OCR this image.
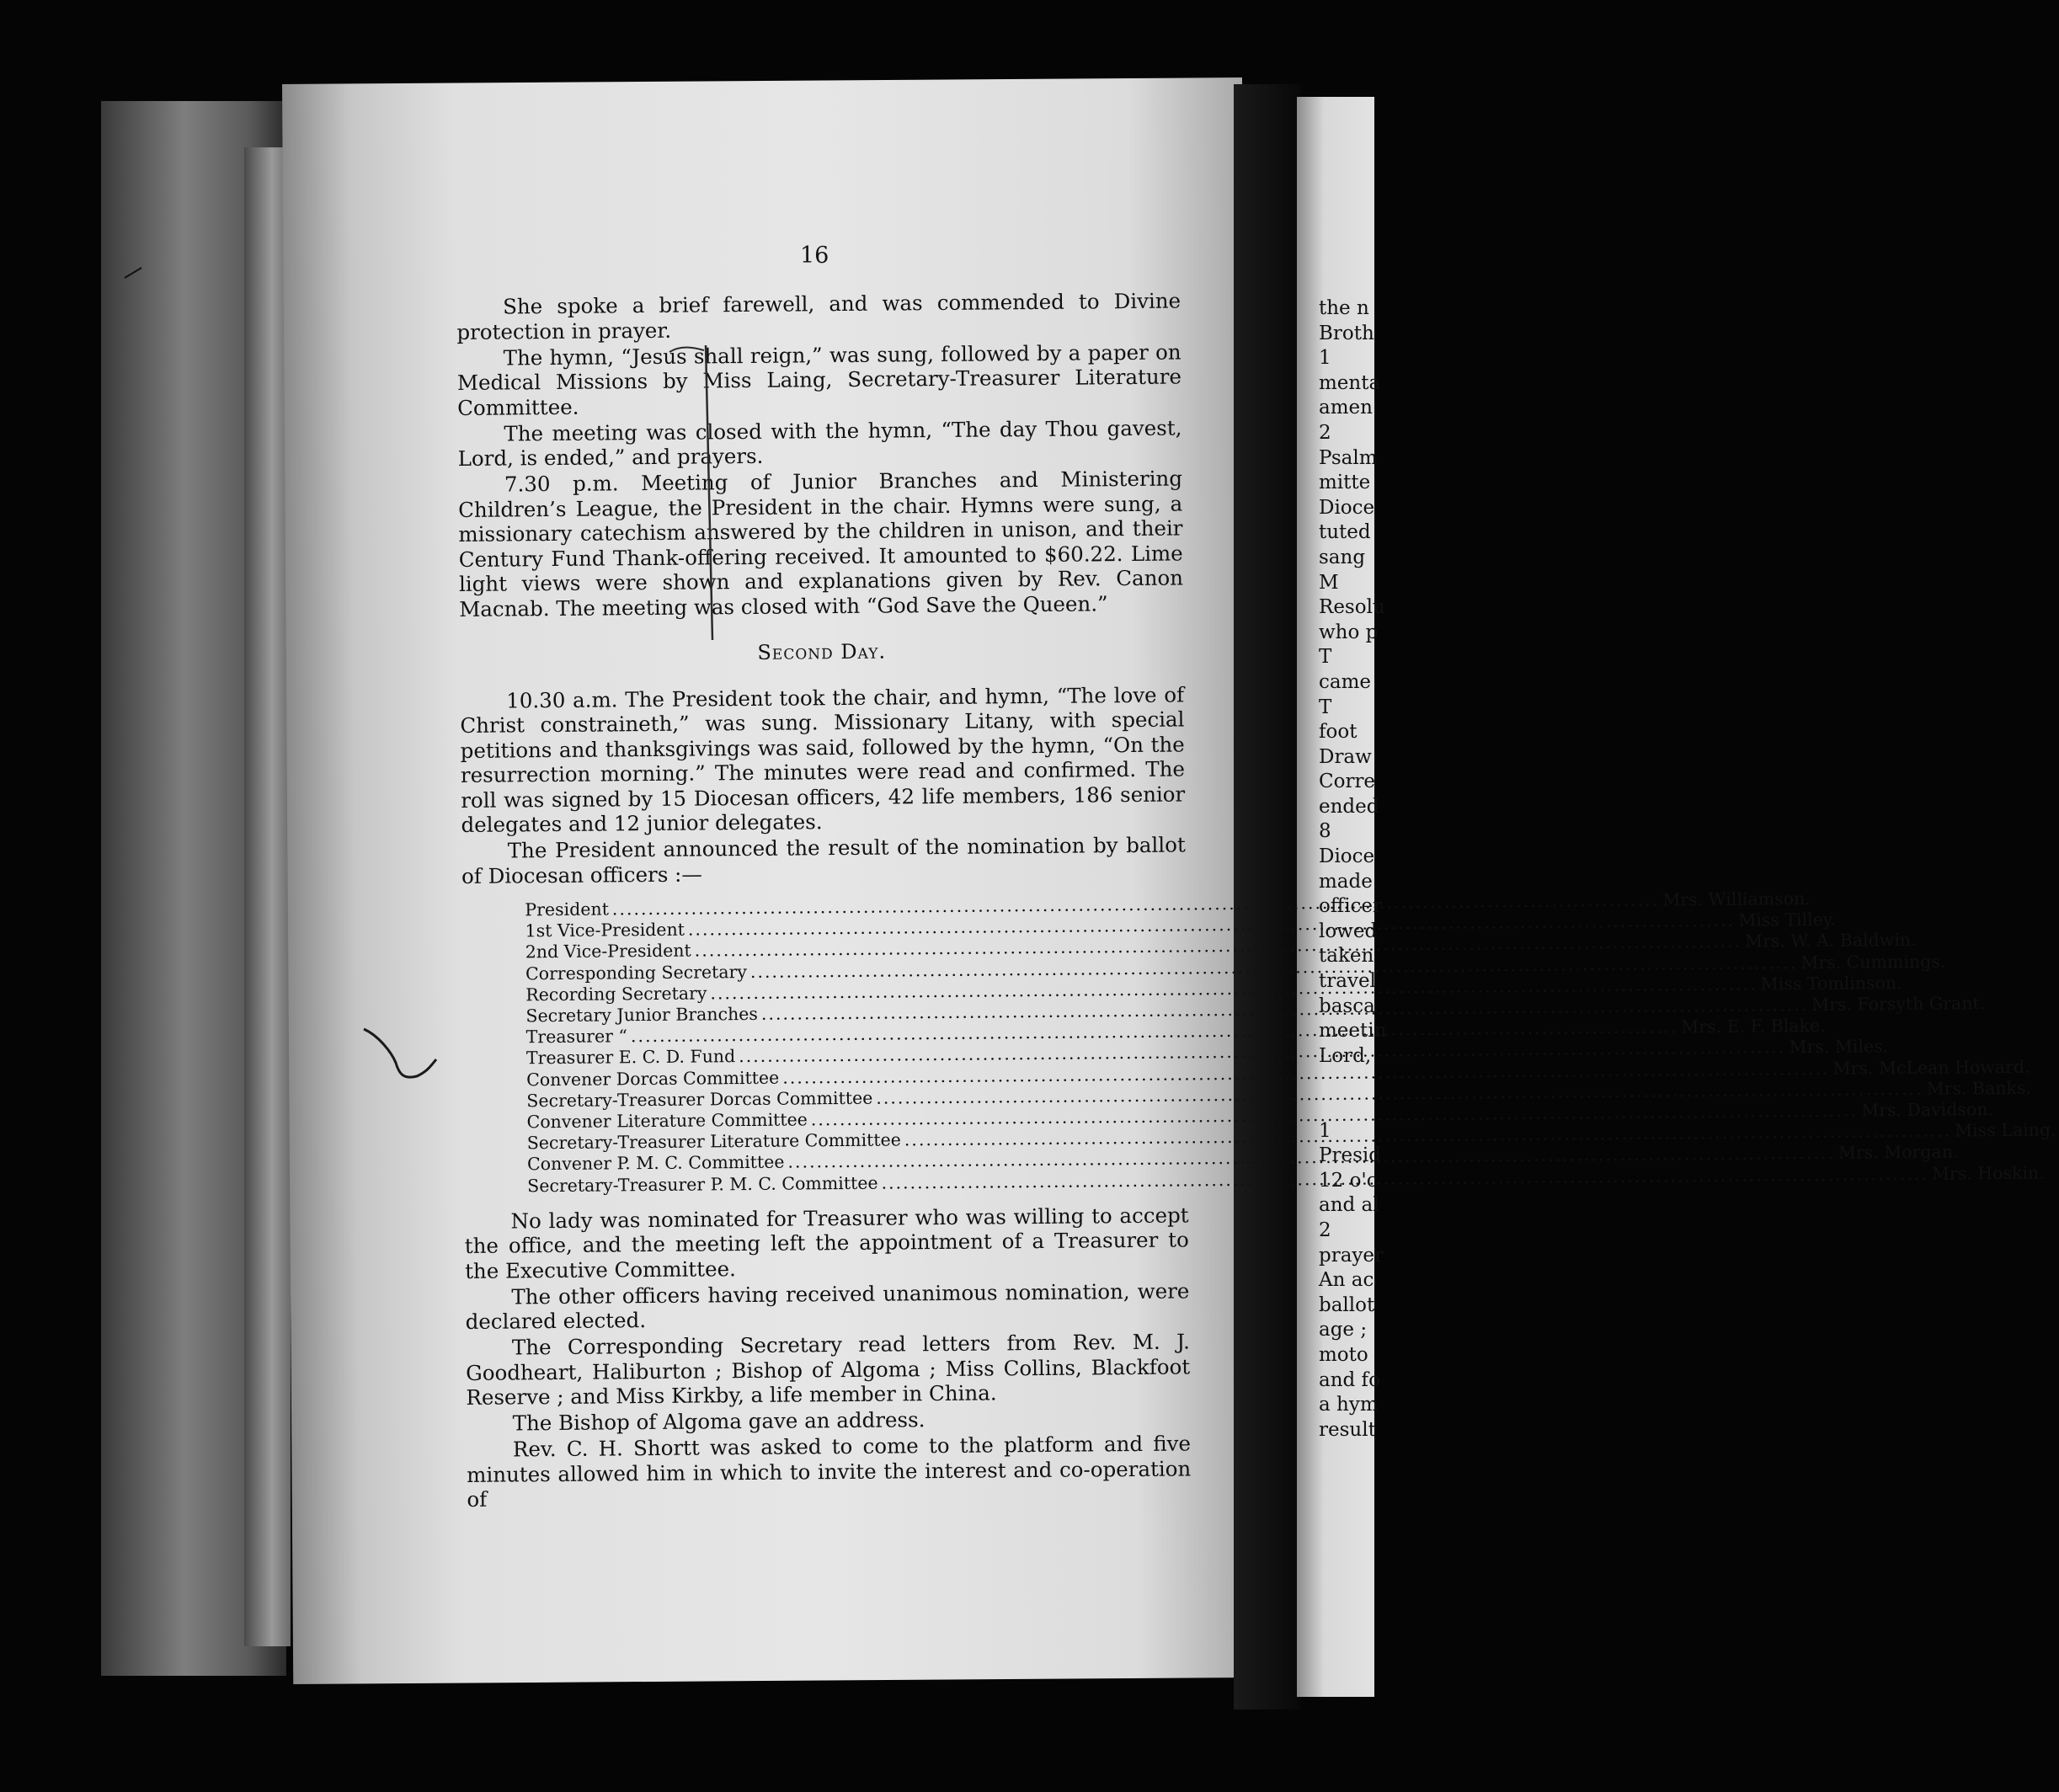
16

She spoke a brief farewell, and was commended to Divine protection in prayer.

The hymn, “Jesus shall reign,” was sung, followed by a paper on Medical Missions by Miss Laing, Secretary-Treasurer Literature Committee.

The meeting was closed with the hymn, “The day Thou gavest, Lord, is ended,” and prayers.

7.30 p.m. Meeting of Junior Branches and Ministering Children’s League, the President in the chair. Hymns were sung, a missionary catechism answered by the children in unison, and their Century Fund Thank-offering received. It amounted to $60.22. Lime light views were shown and explanations given by Rev. Canon Macnab. The meeting was closed with “God Save the Queen.”

Second Day.

10.30 a.m. The President took the chair, and hymn, “The love of Christ constraineth,” was sung. Missionary Litany, with special petitions and thanksgivings was said, followed by the hymn, “On the resurrection morning.” The minutes were read and confirmed. The roll was signed by 15 Diocesan officers, 42 life members, 186 senior delegates and 12 junior delegates.

The President announced the result of the nomination by ballot of Diocesan officers :—

President .....	Mrs. Williamson.
1st Vice-President .....	Miss Tilley.
2nd Vice-President .....	Mrs. W. A. Baldwin.
Corresponding Secretary .....	Mrs. Cummings.
Recording Secretary .....	Miss Tomlinson.
Secretary Junior Branches .....	Mrs. Forsyth Grant.
Treasurer “ .....	Mrs. E. F. Blake.
Treasurer E. C. D. Fund .....	Mrs. Miles.
Convener Dorcas Committee .....	Mrs. McLean Howard.
Secretary-Treasurer Dorcas Committee .....	Mrs. Banks.
Convener Literature Committee .....	Mrs. Davidson.
Secretary-Treasurer Literature Committee .....	Miss Laing.
Convener P. M. C. Committee .....	Mrs. Morgan.
Secretary-Treasurer P. M. C. Committee .....	Mrs. Hoskin.

No lady was nominated for Treasurer who was willing to accept the office, and the meeting left the appointment of a Treasurer to the Executive Committee.

The other officers having received unanimous nomination, were declared elected.

The Corresponding Secretary read letters from Rev. M. J. Goodheart, Haliburton ; Bishop of Algoma ; Miss Collins, Blackfoot Reserve ; and Miss Kirkby, a life member in China.

The Bishop of Algoma gave an address.

Rev. C. H. Shortt was asked to come to the platform and five minutes allowed him in which to invite the interest and co-operation of

the n
Broth
1
menta
amen
2
Psalm
mitte
Dioce
tuted
sang
M
Resolu
who p
T
came
T
foot
Draw
Corre
ended
8
Dioce
made
officer
lowed
taken
travel
basca
meetin
Lord,
1
Presid
12 o'c
and al
2
prayer
An ac
ballot
age ;
moto
and fo
a hym
result
